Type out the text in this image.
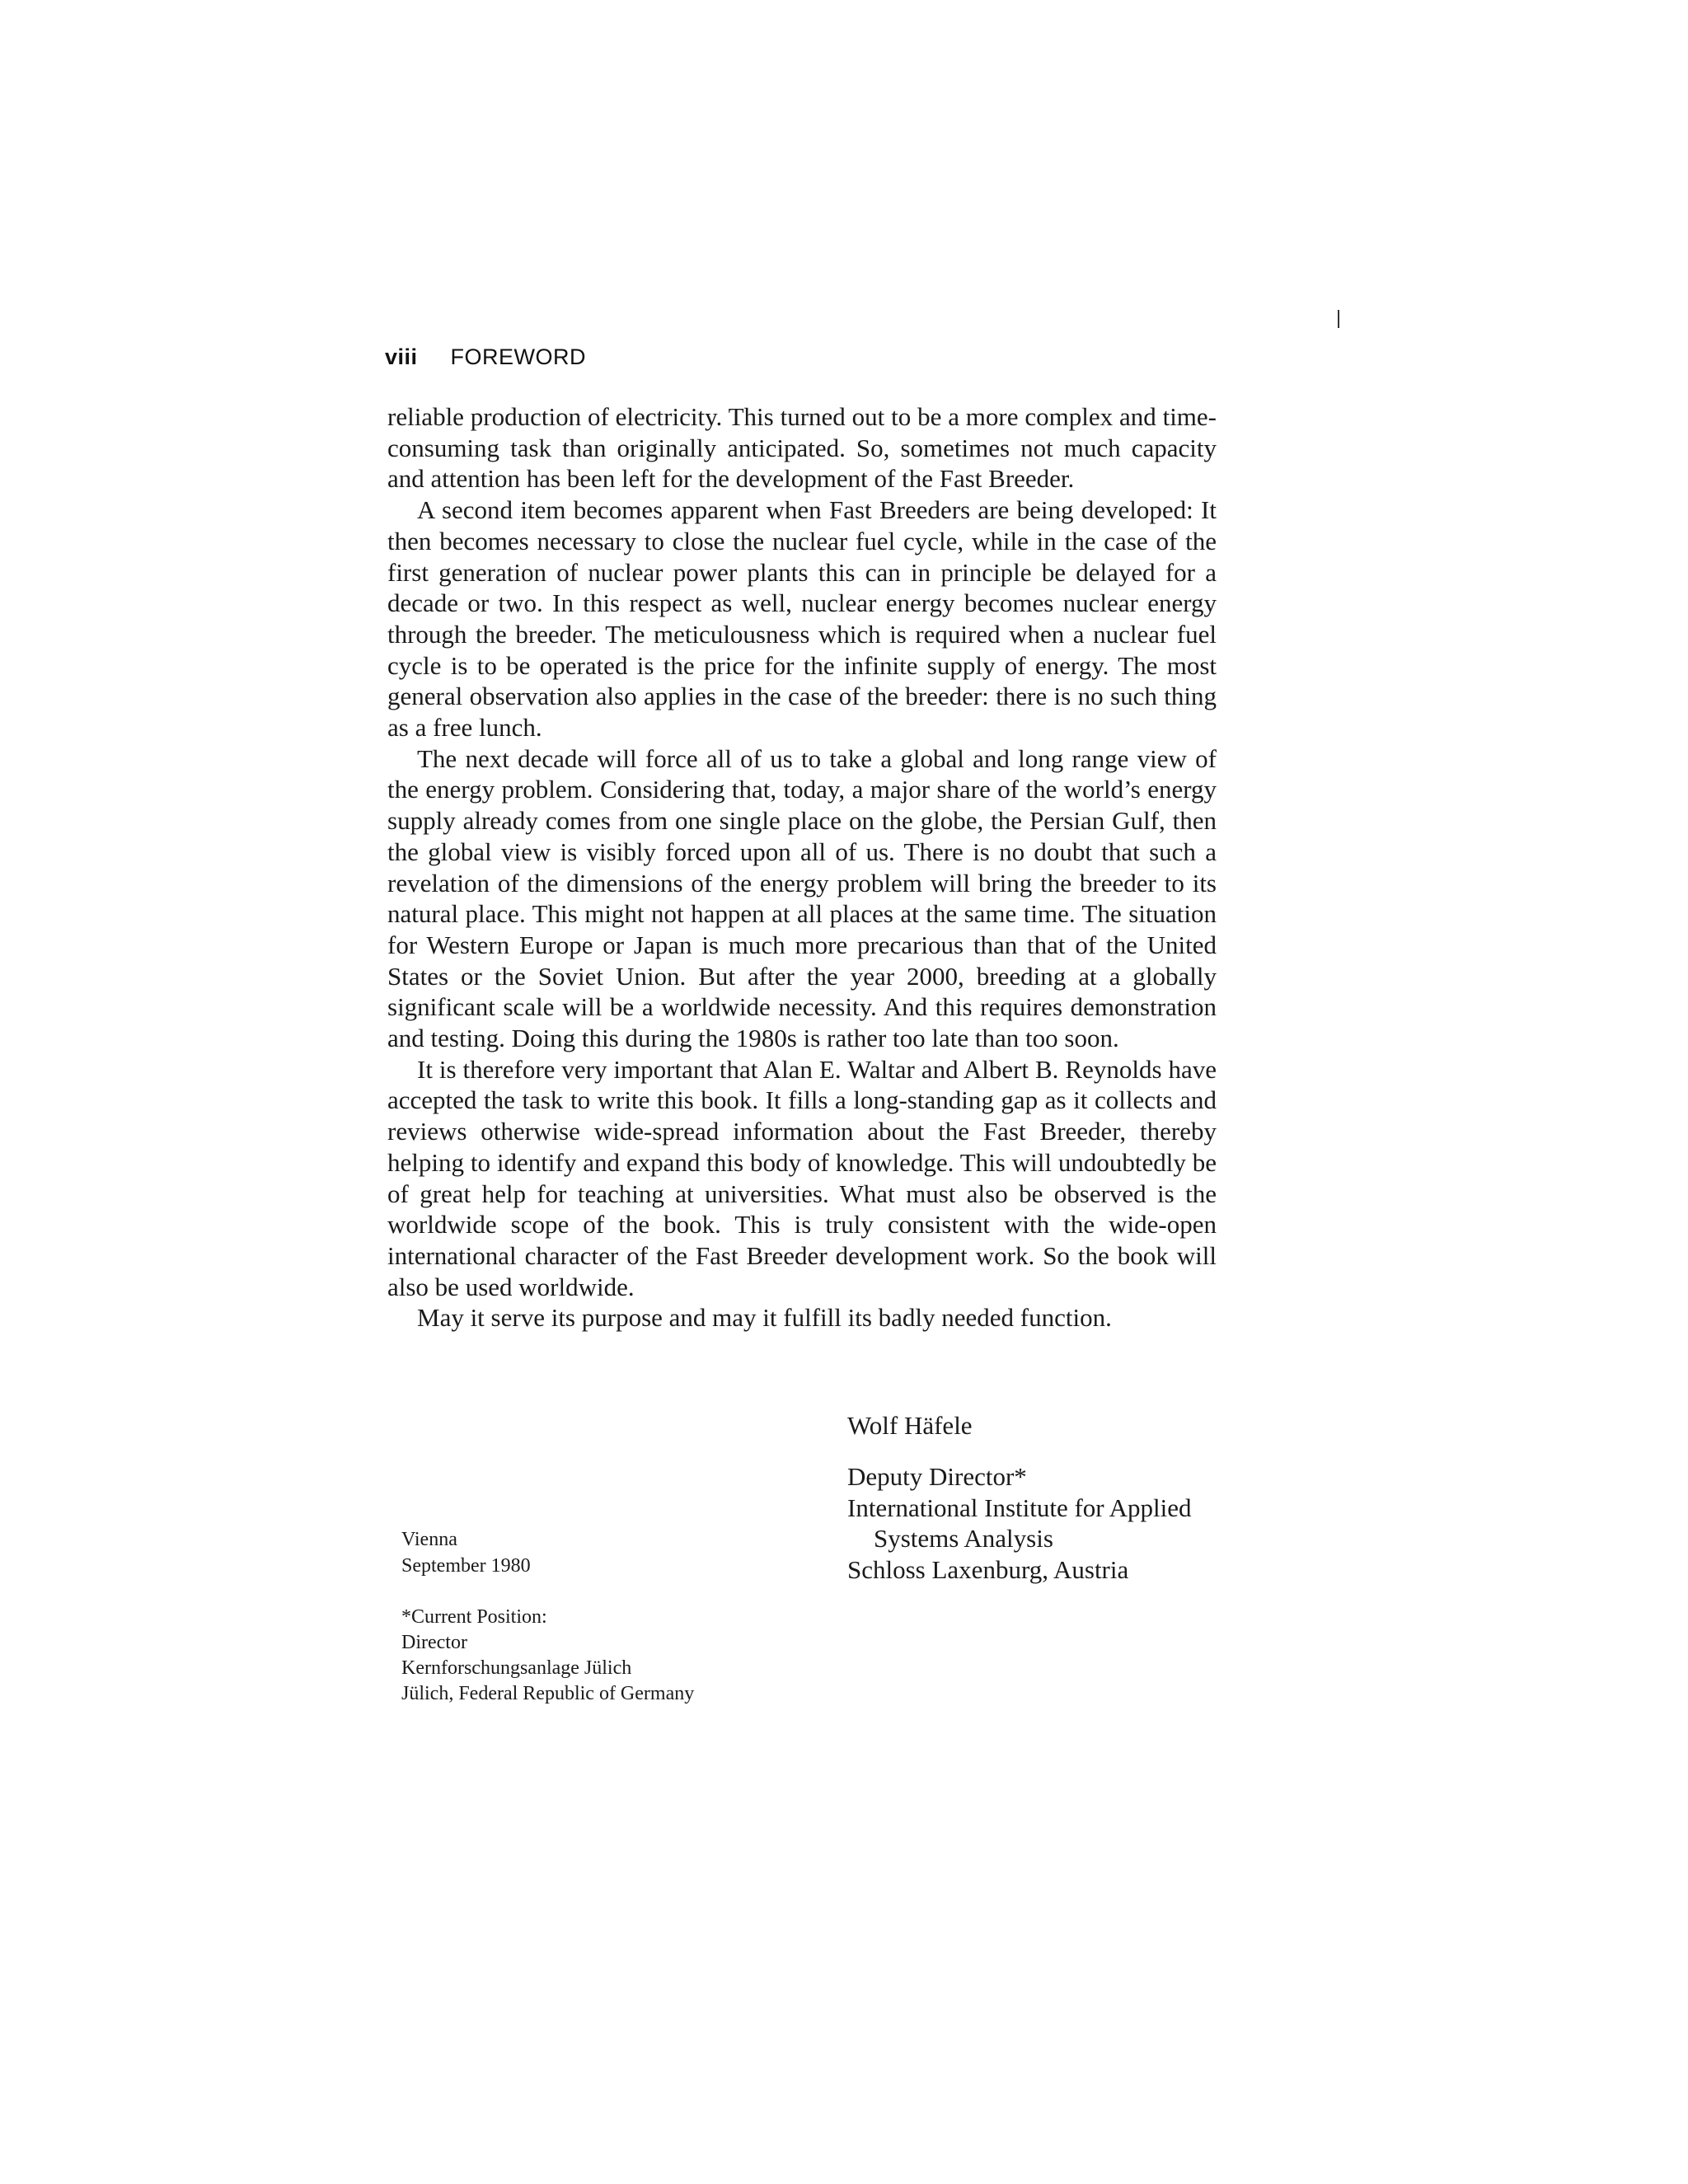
viii FOREWORD

reliable production of electricity. This turned out to be a more complex and time-consuming task than originally anticipated. So, sometimes not much capacity and attention has been left for the development of the Fast Breeder.

A second item becomes apparent when Fast Breeders are being developed: It then becomes necessary to close the nuclear fuel cycle, while in the case of the first generation of nuclear power plants this can in principle be delayed for a decade or two. In this respect as well, nuclear energy becomes nuclear energy through the breeder. The meticulousness which is required when a nuclear fuel cycle is to be operated is the price for the infinite supply of energy. The most general observation also applies in the case of the breeder: there is no such thing as a free lunch.

The next decade will force all of us to take a global and long range view of the energy problem. Considering that, today, a major share of the world’s energy supply already comes from one single place on the globe, the Persian Gulf, then the global view is visibly forced upon all of us. There is no doubt that such a revelation of the dimensions of the energy problem will bring the breeder to its natural place. This might not happen at all places at the same time. The situation for Western Europe or Japan is much more precarious than that of the United States or the Soviet Union. But after the year 2000, breeding at a globally significant scale will be a worldwide necessity. And this requires demonstration and testing. Doing this during the 1980s is rather too late than too soon.

It is therefore very important that Alan E. Waltar and Albert B. Reynolds have accepted the task to write this book. It fills a long-standing gap as it collects and reviews otherwise wide-spread information about the Fast Breeder, thereby helping to identify and expand this body of knowledge. This will undoubtedly be of great help for teaching at universities. What must also be observed is the worldwide scope of the book. This is truly consistent with the wide-open international character of the Fast Breeder development work. So the book will also be used worldwide.

May it serve its purpose and may it fulfill its badly needed function.

Wolf Häfele
Deputy Director*
International Institute for Applied
Systems Analysis
Schloss Laxenburg, Austria
Vienna
September 1980
*Current Position:
Director
Kernforschungsanlage Jülich
Jülich, Federal Republic of Germany
